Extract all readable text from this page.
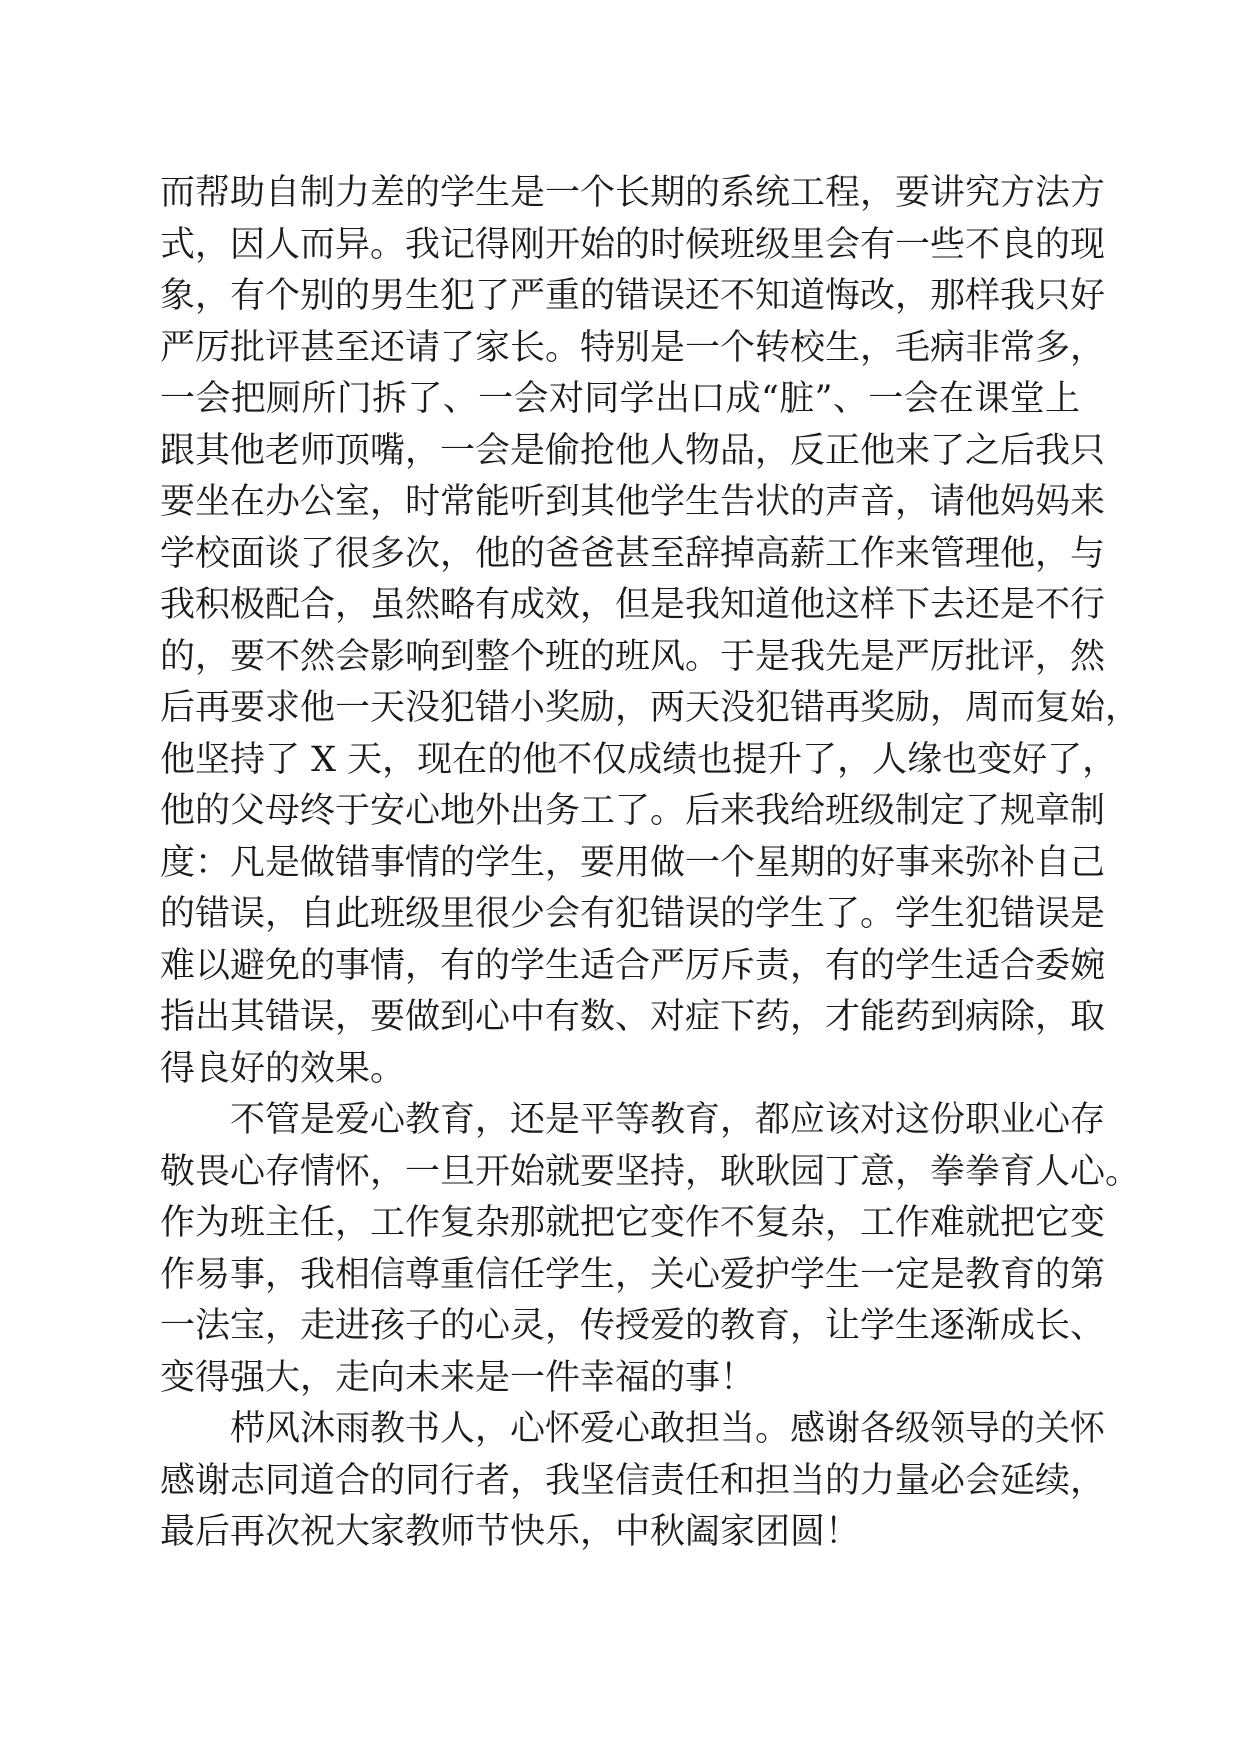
而帮助自制力差的学生是一个长期的系统工程，要讲究方法方
式，因人而异。我记得刚开始的时候班级里会有一些不良的现
象，有个别的男生犯了严重的错误还不知道悔改，那样我只好
严厉批评甚至还请了家长。特别是一个转校生，毛病非常多，
一会把厕所门拆了、一会对同学出口成“脏”、一会在课堂上
跟其他老师顶嘴，一会是偷抢他人物品，反正他来了之后我只
要坐在办公室，时常能听到其他学生告状的声音，请他妈妈来
学校面谈了很多次，他的爸爸甚至辞掉高薪工作来管理他，与
我积极配合，虽然略有成效，但是我知道他这样下去还是不行
的，要不然会影响到整个班的班风。于是我先是严厉批评，然
后再要求他一天没犯错小奖励，两天没犯错再奖励，周而复始，
他坚持了 X 天，现在的他不仅成绩也提升了，人缘也变好了，
他的父母终于安心地外出务工了。后来我给班级制定了规章制
度：凡是做错事情的学生，要用做一个星期的好事来弥补自己
的错误，自此班级里很少会有犯错误的学生了。学生犯错误是
难以避免的事情，有的学生适合严厉斥责，有的学生适合委婉
指出其错误，要做到心中有数、对症下药，才能药到病除，取
得良好的效果。
不管是爱心教育，还是平等教育，都应该对这份职业心存
敬畏心存情怀，一旦开始就要坚持，耿耿园丁意，拳拳育人心。
作为班主任，工作复杂那就把它变作不复杂，工作难就把它变
作易事，我相信尊重信任学生，关心爱护学生一定是教育的第
一法宝，走进孩子的心灵，传授爱的教育，让学生逐渐成长、
变得强大，走向未来是一件幸福的事！
栉风沐雨教书人，心怀爱心敢担当。感谢各级领导的关怀
感谢志同道合的同行者，我坚信责任和担当的力量必会延续，
最后再次祝大家教师节快乐，中秋阖家团圆！
